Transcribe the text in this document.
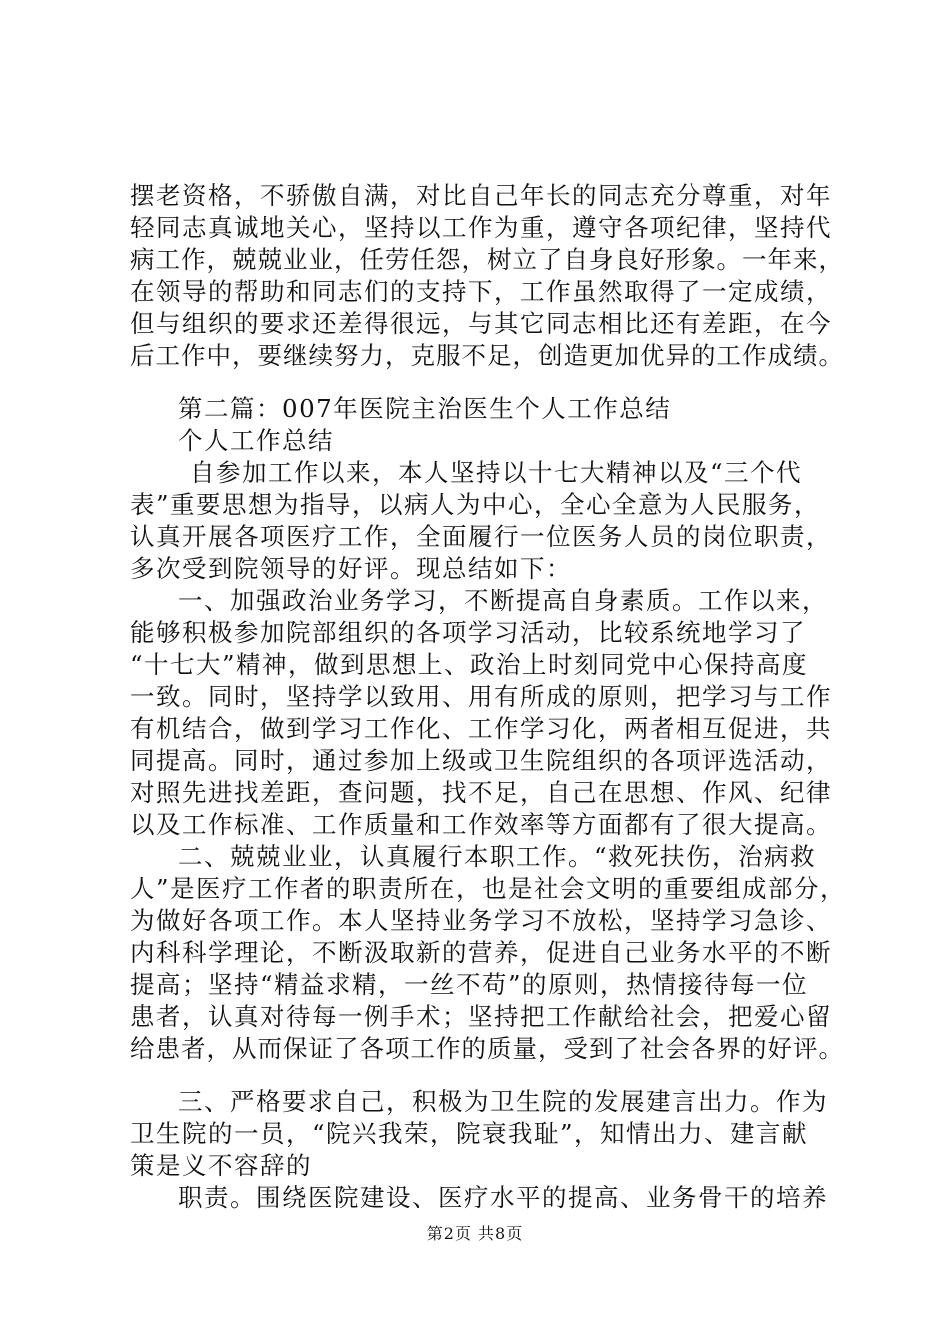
摆老资格，不骄傲自满，对比自己年长的同志充分尊重，对年
轻同志真诚地关心，坚持以工作为重，遵守各项纪律，坚持代
病工作，兢兢业业，任劳任怨，树立了自身良好形象。一年来，
在领导的帮助和同志们的支持下，工作虽然取得了一定成绩，
但与组织的要求还差得很远，与其它同志相比还有差距，在今
后工作中，要继续努力，克服不足，创造更加优异的工作成绩。
第二篇：007年医院主治医生个人工作总结
个人工作总结
自参加工作以来，本人坚持以十七大精神以及“三个代
表”重要思想为指导，以病人为中心，全心全意为人民服务，
认真开展各项医疗工作，全面履行一位医务人员的岗位职责，
多次受到院领导的好评。现总结如下：
一、加强政治业务学习，不断提高自身素质。工作以来，
能够积极参加院部组织的各项学习活动，比较系统地学习了
“十七大”精神，做到思想上、政治上时刻同党中心保持高度
一致。同时，坚持学以致用、用有所成的原则，把学习与工作
有机结合，做到学习工作化、工作学习化，两者相互促进，共
同提高。同时，通过参加上级或卫生院组织的各项评选活动，
对照先进找差距，查问题，找不足，自己在思想、作风、纪律
以及工作标准、工作质量和工作效率等方面都有了很大提高。
二、兢兢业业，认真履行本职工作。“救死扶伤，治病救
人”是医疗工作者的职责所在，也是社会文明的重要组成部分，
为做好各项工作。本人坚持业务学习不放松，坚持学习急诊、
内科科学理论，不断汲取新的营养，促进自己业务水平的不断
提高；坚持“精益求精，一丝不苟”的原则，热情接待每一位
患者，认真对待每一例手术；坚持把工作献给社会，把爱心留
给患者，从而保证了各项工作的质量，受到了社会各界的好评。
三、严格要求自己，积极为卫生院的发展建言出力。作为
卫生院的一员，“院兴我荣，院衰我耻”，知情出力、建言献
策是义不容辞的
职责。围绕医院建设、医疗水平的提高、业务骨干的培养
第2页 共8页
